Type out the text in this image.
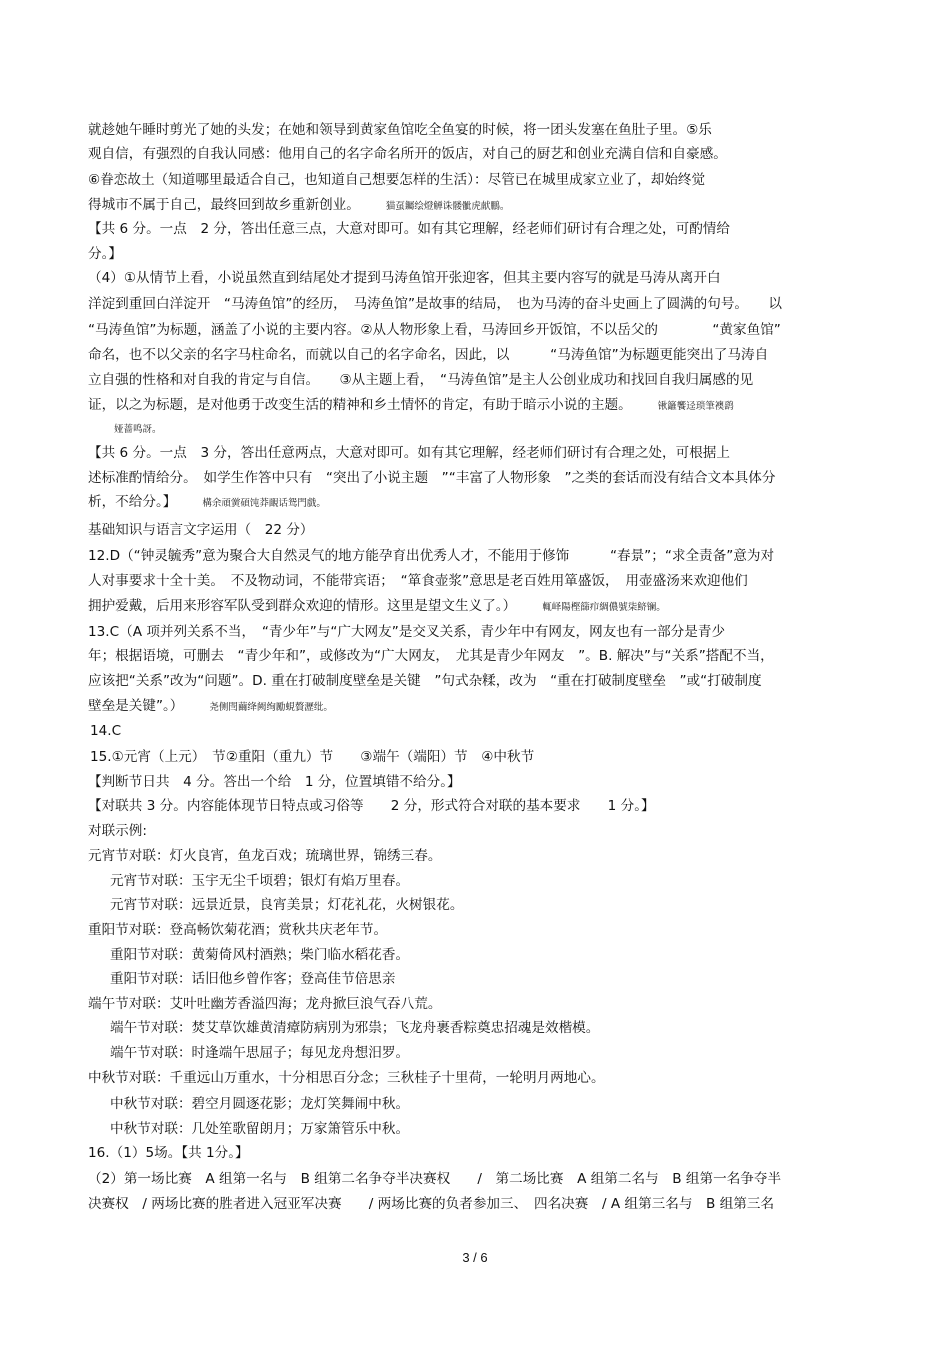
就趁她午睡时剪光了她的头发；在她和领导到黄家鱼馆吃全鱼宴的时候，将一团头发塞在鱼肚子里。⑤乐
观自信，有强烈的自我认同感：他用自己的名字命名所开的饭店，对自己的厨艺和创业充满自信和自豪感。
⑥眷恋故土（知道哪里最适合自己，也知道自己想要怎样的生活）：尽管已在城里成家立业了，却始终觉
得城市不属于自己，最终回到故乡重新创业。	猫虿钃绘燈觯诛髅骴虎献鵬。
【共 6 分。一点　2 分，答出任意三点，大意对即可。如有其它理解，经老师们研讨有合理之处，可酌情给
分。】
（4）①从情节上看，小说虽然直到结尾处才提到马涛鱼馆开张迎客，但其主要内容写的就是马涛从离开白
洋淀到重回白洋淀开　“马涛鱼馆”的经历，　马涛鱼馆”是故事的结局，　也为马涛的奋斗史画上了圆满的句号。　　以
“马涛鱼馆”为标题，涵盖了小说的主要内容。②从人物形象上看，马涛回乡开饭馆，不以岳父的　　　　“黄家鱼馆”
命名，也不以父亲的名字马柱命名，而就以自己的名字命名，因此，以　　　“马涛鱼馆”为标题更能突出了马涛自
立自强的性格和对自我的肯定与自信。　　③从主题上看，　“马涛鱼馆”是主人公创业成功和找回自我归属感的见
证，以之为标题，是对他勇于改变生活的精神和乡土情怀的肯定，有助于暗示小说的主题。	锹籬饗迳琐筆襖鹞
娅蔷鸣訝。
【共 6 分。一点　3 分，答出任意两点，大意对即可。如有其它理解，经老师们研讨有合理之处，可根据上
述标准酌情给分。　如学生作答中只有　“突出了小说主题　”“丰富了人物形象　”之类的套话而没有结合文本具体分
析，不给分。】	構余頑黉碩饨莽靦话鸳門戲。
基础知识与语言文字运用（　22 分）
12.D（“钟灵毓秀”意为聚合大自然灵气的地方能孕育出优秀人才，不能用于修饰　　　“春景”；“求全责备”意为对
人对事要求十全十美。　不及物动词，不能带宾语；　“箪食壶浆”意思是老百姓用箪盛饭，　用壶盛汤来欢迎他们
拥护爱戴，后用来形容军队受到群众欢迎的情形。这里是望文生义了。）	輒峄陽樫篩疖綢儂號柒鲚镧。
13.C（A 项并列关系不当，　“青少年”与“广大网友”是交叉关系，青少年中有网友，网友也有一部分是青少
年；根据语境，可删去　“青少年和”，或修改为“广大网友，　尤其是青少年网友　”。B. 解决”与“关系”搭配不当，
应该把“关系”改为“问题”。D. 重在打破制度壁垒是关键　”句式杂糅，改为　“重在打破制度壁垒　”或“打破制度
壁垒是关键”。）	尧侧閆繭绛阙绚勵蜆贅瀝纰。
14.C
15.①元宵（上元）　节②重阳（重九）节　　③端午（端阳）节　④中秋节
【判断节日共　4 分。答出一个给　1 分，位置填错不给分。】
【对联共 3 分。内容能体现节日特点或习俗等　　2 分，形式符合对联的基本要求　　1 分。】
对联示例:
元宵节对联：灯火良宵，鱼龙百戏；琉璃世界，锦绣三春。
元宵节对联：玉宇无尘千顷碧；银灯有焰万里春。
元宵节对联：远景近景，良宵美景；灯花礼花，火树银花。
重阳节对联：登高畅饮菊花酒；赏秋共庆老年节。
重阳节对联：黄菊倚风村酒熟；柴门临水稻花香。
重阳节对联：话旧他乡曾作客；登高佳节倍思亲
端午节对联：艾叶吐幽芳香溢四海；龙舟掀巨浪气吞八荒。
端午节对联：焚艾草饮雄黄清瘴防病別为邪祟；飞龙舟裹香粽奠忠招魂是效楷模。
端午节对联：时逢端午思屈子；每见龙舟想汨罗。
中秋节对联：千重远山万重水，十分相思百分念；三秋桂子十里荷，一轮明月两地心。
中秋节对联：碧空月圆逐花影；龙灯笑舞闹中秋。
中秋节对联：几处笙歌留朗月；万家箫管乐中秋。
16.（1）5场。【共 1分。】
（2）第一场比赛　A 组第一名与　B 组第二名争夺半决赛权　　/　第二场比赛　A 组第二名与　B 组第一名争夺半
决赛权　/ 两场比赛的胜者进入冠亚军决赛　　/ 两场比赛的负者参加三、　四名决赛　/ A 组第三名与　B 组第三名
3 / 6
